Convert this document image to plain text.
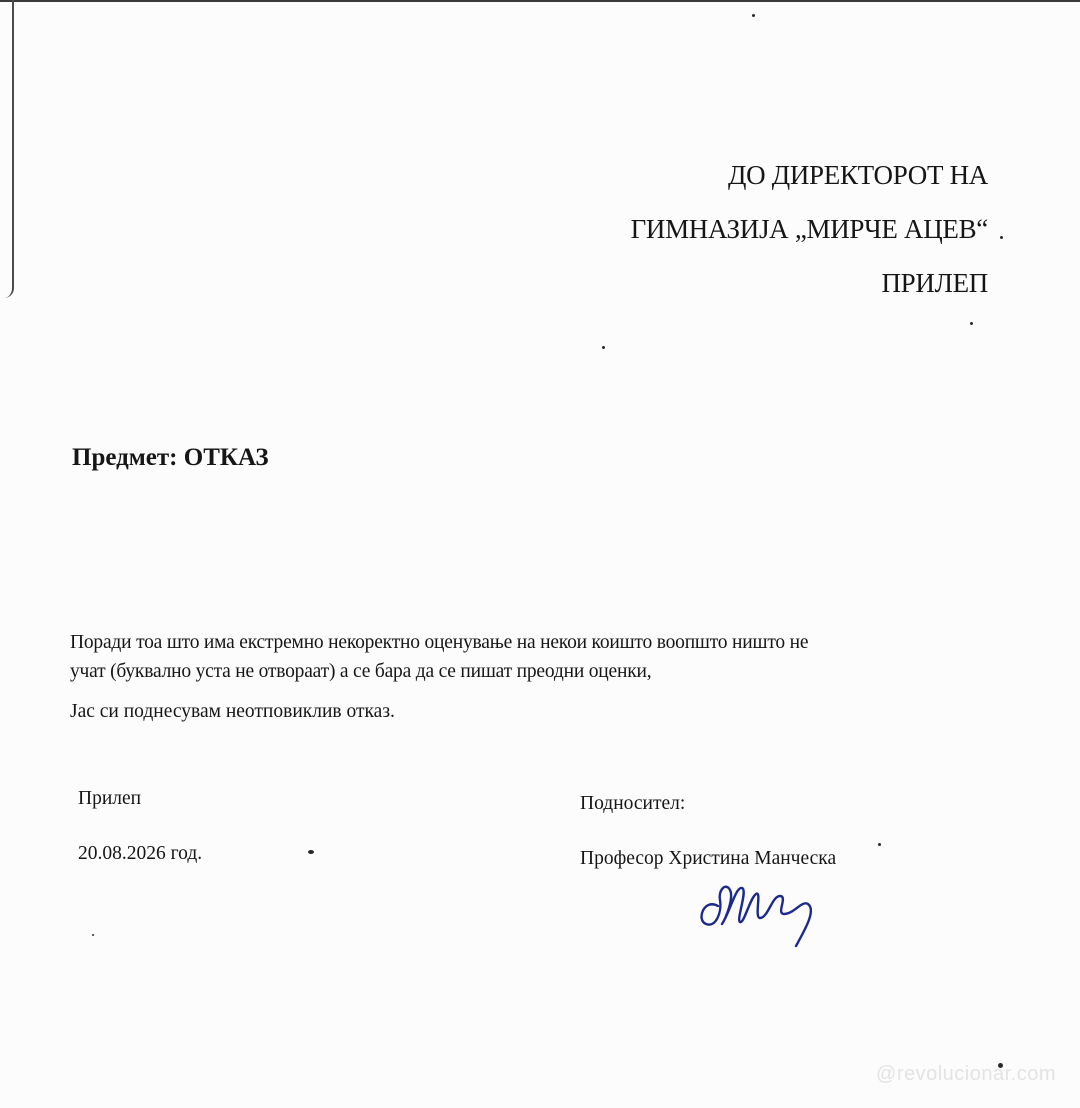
ДО ДИРЕКТОРОТ НА
ГИМНАЗИЈА „МИРЧЕ АЦЕВ“
ПРИЛЕП
Предмет: ОТКАЗ
Поради тоа што има екстремно некоректно оценување на некои коишто воопшто ништо не
учат (буквално уста не отвораат) а се бара да се пишат преодни оценки,
Јас си поднесувам неотповиклив отказ.
Прилеп
20.08.2026 год.
Подносител:
Професор Христина Манческа
@revolucionar.com
